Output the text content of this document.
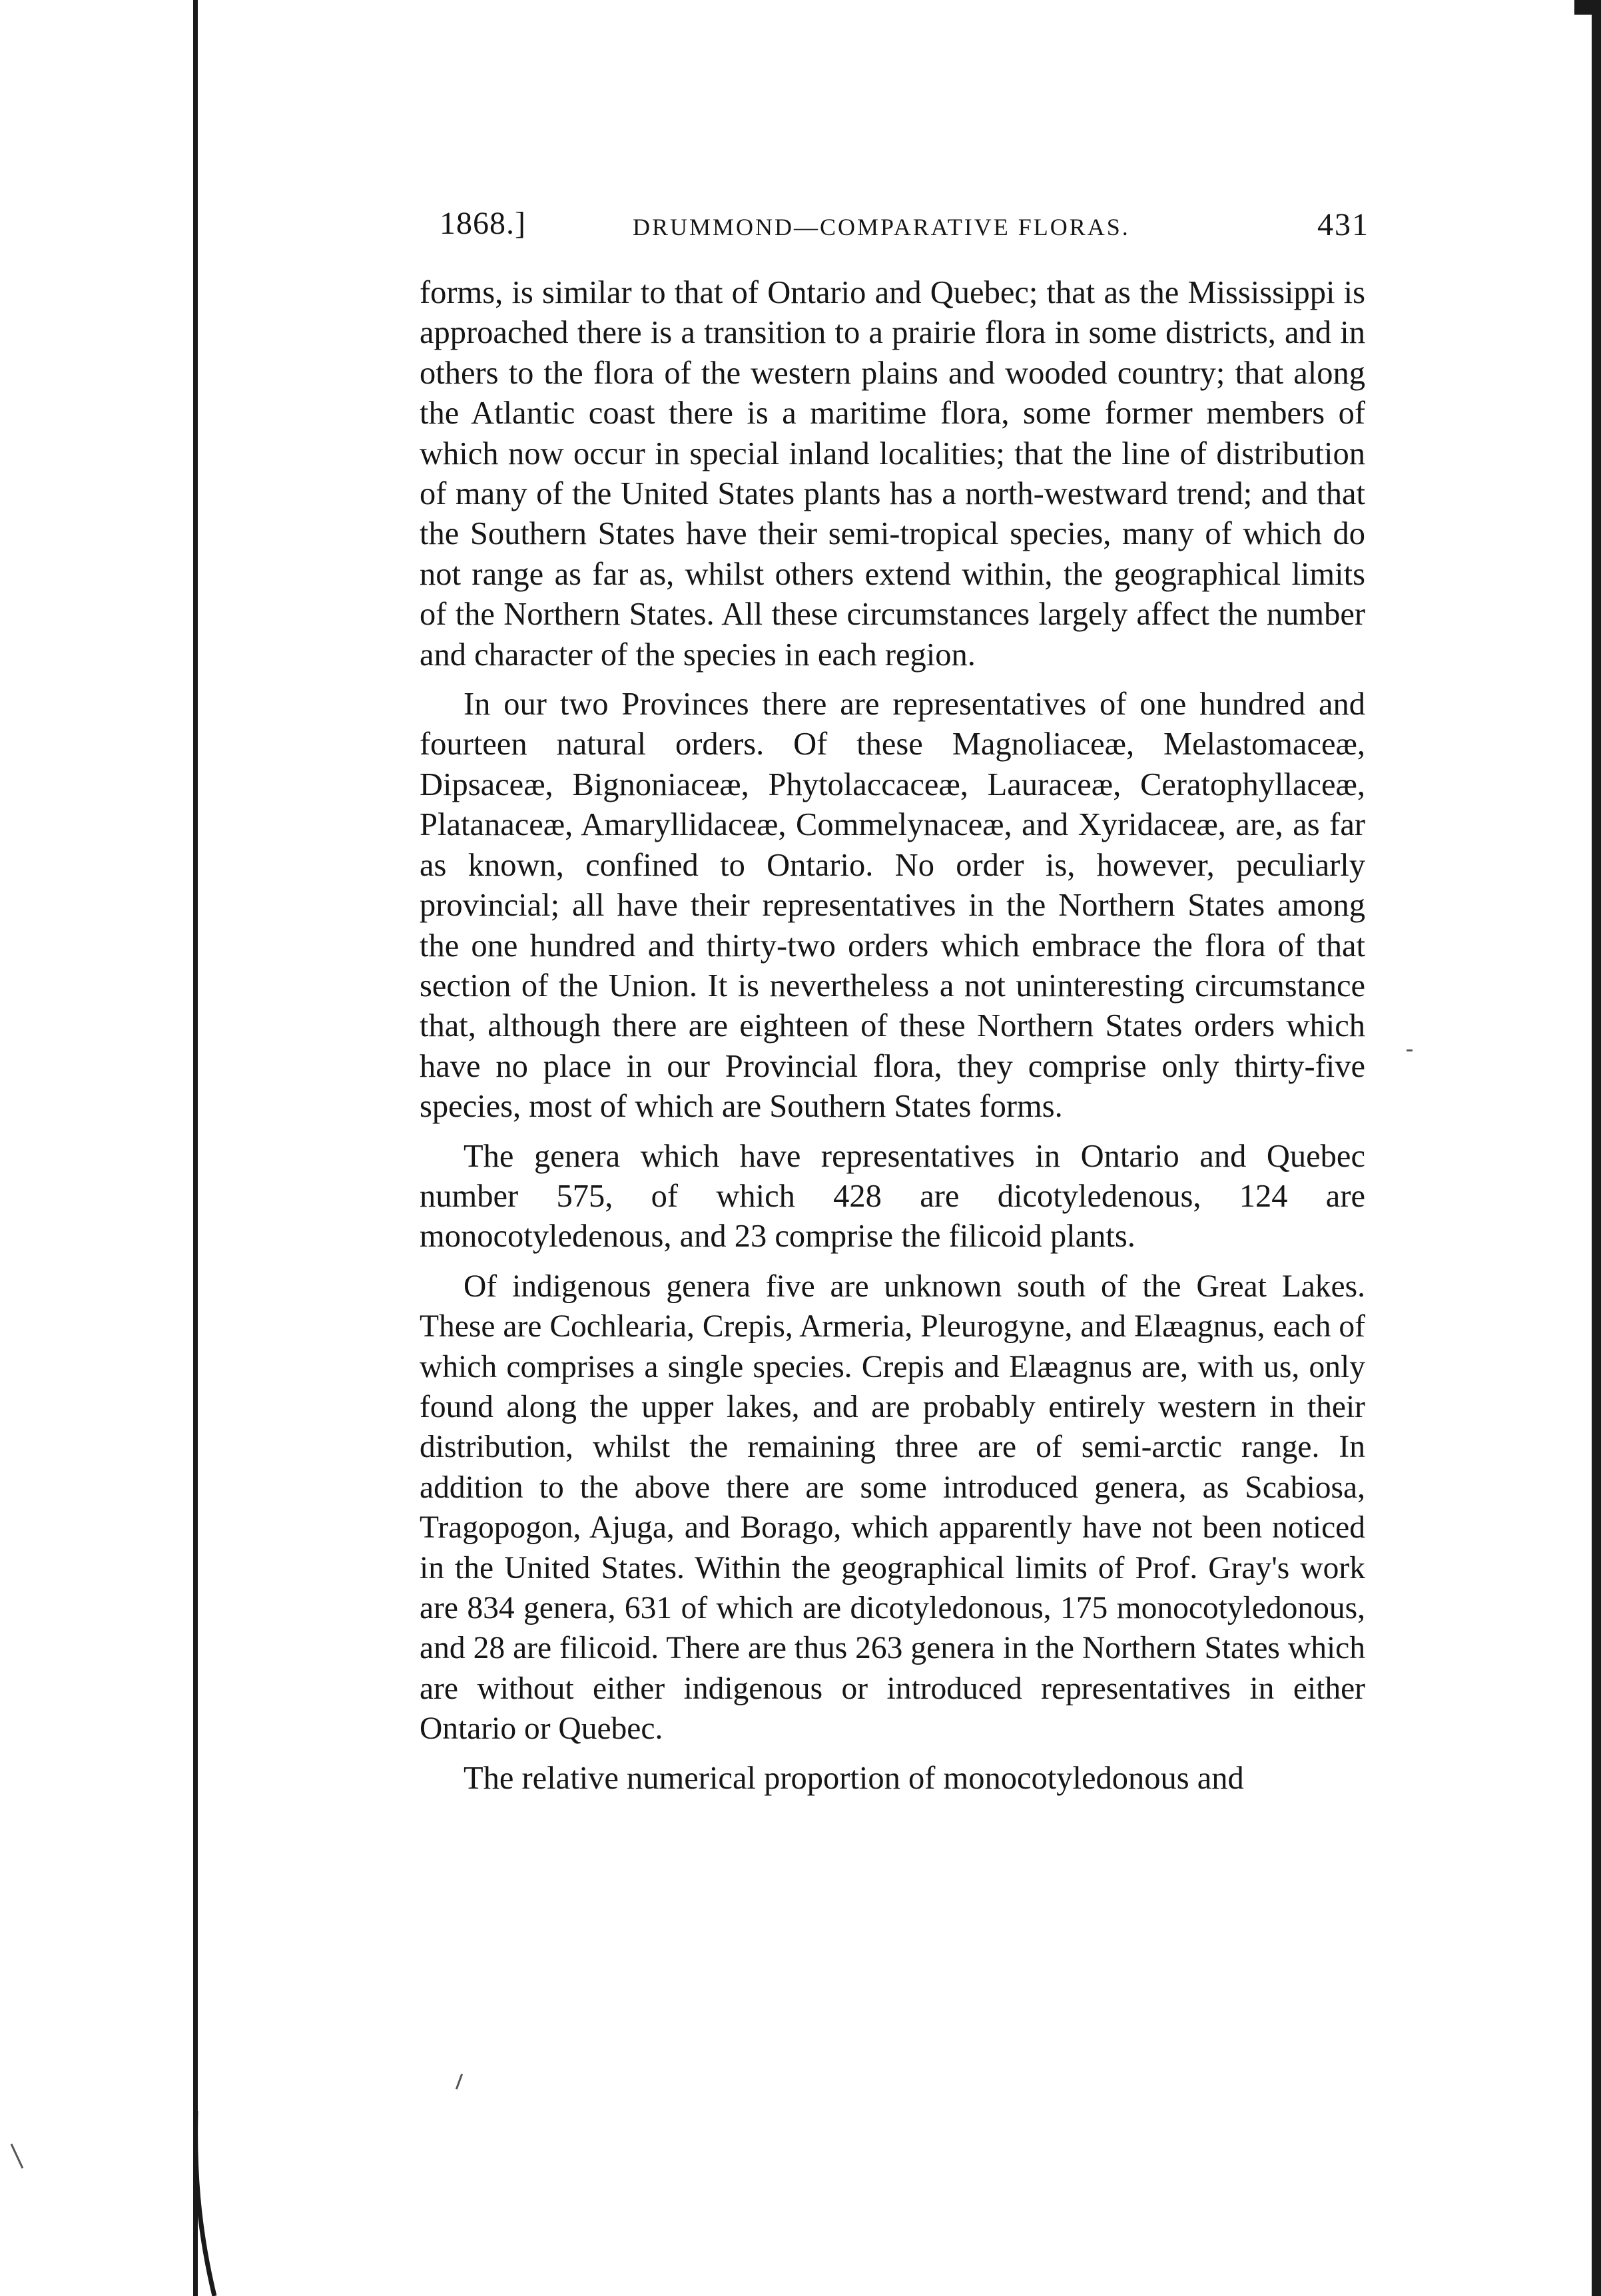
1868.]	DRUMMOND—COMPARATIVE FLORAS.	431

forms, is similar to that of Ontario and Quebec; that as the Mississippi is approached there is a transition to a prairie flora in some districts, and in others to the flora of the western plains and wooded country; that along the Atlantic coast there is a maritime flora, some former members of which now occur in special inland localities; that the line of distribution of many of the United States plants has a north-westward trend; and that the Southern States have their semi-tropical species, many of which do not range as far as, whilst others extend within, the geographical limits of the Northern States. All these circumstances largely affect the number and character of the species in each region.

In our two Provinces there are representatives of one hundred and fourteen natural orders. Of these Magnoliaceæ, Melastomaceæ, Dipsaceæ, Bignoniaceæ, Phytolaccaceæ, Lauraceæ, Ceratophyllaceæ, Platanaceæ, Amaryllidaceæ, Commelynaceæ, and Xyridaceæ, are, as far as known, confined to Ontario. No order is, however, peculiarly provincial; all have their representatives in the Northern States among the one hundred and thirty-two orders which embrace the flora of that section of the Union. It is nevertheless a not uninteresting circumstance that, although there are eighteen of these Northern States orders which have no place in our Provincial flora, they comprise only thirty-five species, most of which are Southern States forms.

The genera which have representatives in Ontario and Quebec number 575, of which 428 are dicotyledenous, 124 are monocotyledenous, and 23 comprise the filicoid plants.

Of indigenous genera five are unknown south of the Great Lakes. These are Cochlearia, Crepis, Armeria, Pleurogyne, and Elæagnus, each of which comprises a single species. Crepis and Elæagnus are, with us, only found along the upper lakes, and are probably entirely western in their distribution, whilst the remaining three are of semi-arctic range. In addition to the above there are some introduced genera, as Scabiosa, Tragopogon, Ajuga, and Borago, which apparently have not been noticed in the United States. Within the geographical limits of Prof. Gray's work are 834 genera, 631 of which are dicotyledonous, 175 monocotyledonous, and 28 are filicoid. There are thus 263 genera in the Northern States which are without either indigenous or introduced representatives in either Ontario or Quebec.

The relative numerical proportion of monocotyledonous and
